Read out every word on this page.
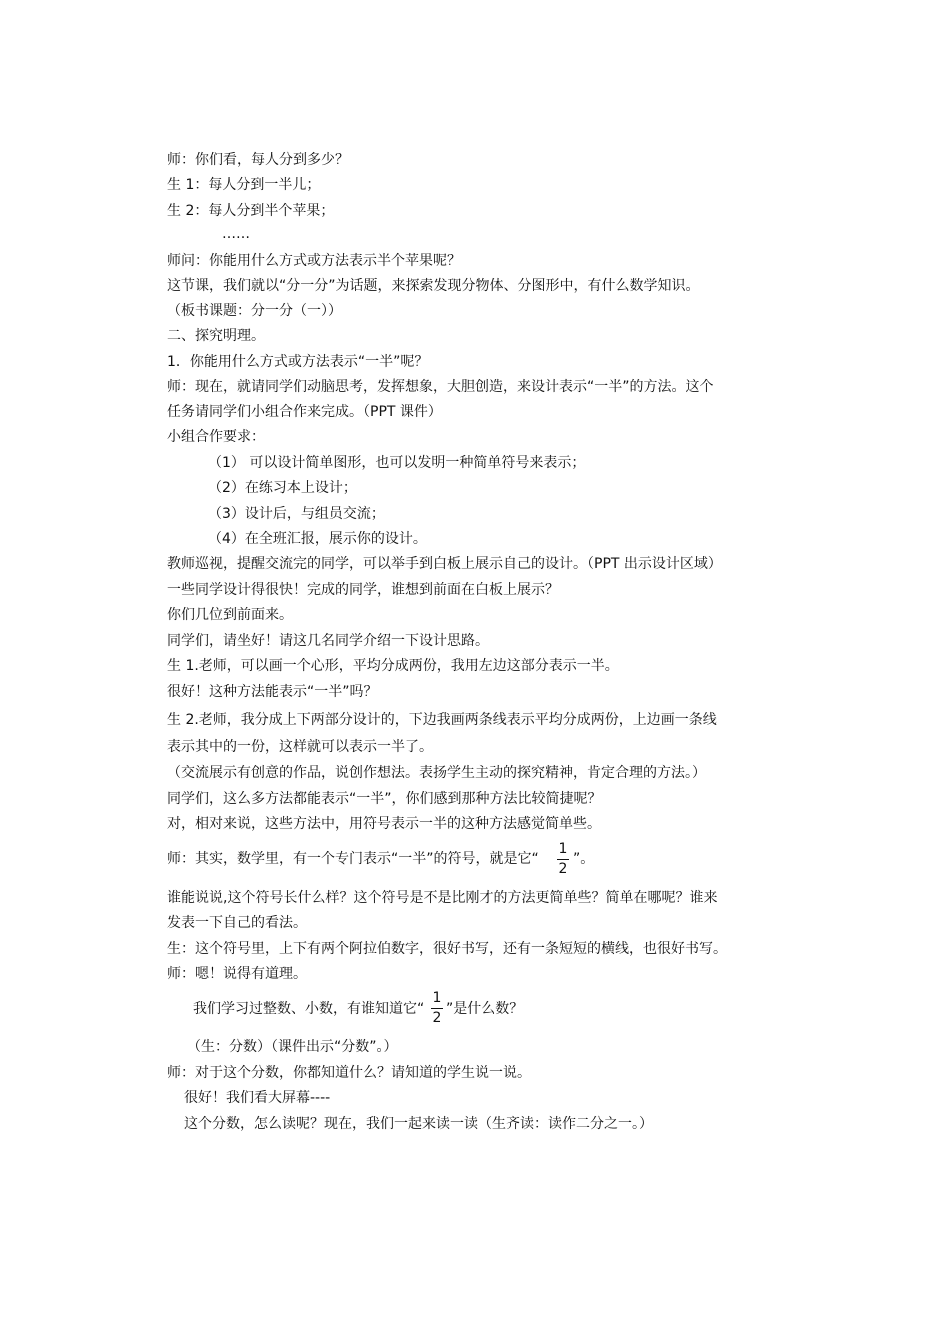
师：你们看，每人分到多少？
生 1：每人分到一半儿；
生 2：每人分到半个苹果；
……
师问：你能用什么方式或方法表示半个苹果呢？
这节课，我们就以“分一分”为话题，来探索发现分物体、分图形中，有什么数学知识。
（板书课题：分一分（一））
二、探究明理。
1．你能用什么方式或方法表示“一半”呢？
师：现在，就请同学们动脑思考，发挥想象，大胆创造，来设计表示“一半”的方法。这个
任务请同学们小组合作来完成。（PPT 课件）
小组合作要求：
（1） 可以设计简单图形，也可以发明一种简单符号来表示；
（2）在练习本上设计；
（3）设计后，与组员交流；
（4）在全班汇报，展示你的设计。
教师巡视，提醒交流完的同学，可以举手到白板上展示自己的设计。（PPT 出示设计区域）
一些同学设计得很快！完成的同学，谁想到前面在白板上展示？
你们几位到前面来。
同学们，请坐好！请这几名同学介绍一下设计思路。
生 1.老师，可以画一个心形，平均分成两份，我用左边这部分表示一半。
很好！这种方法能表示“一半”吗？
生 2.老师，我分成上下两部分设计的，下边我画两条线表示平均分成两份，上边画一条线
表示其中的一份，这样就可以表示一半了。
（交流展示有创意的作品，说创作想法。表扬学生主动的探究精神，肯定合理的方法。）
同学们，这么多方法都能表示“一半”，你们感到那种方法比较简捷呢？
对，相对来说，这些方法中，用符号表示一半的这种方法感觉简单些。
师：其实，数学里，有一个专门表示“一半”的符号，就是它“
1
2
”。
谁能说说,这个符号长什么样？这个符号是不是比刚才的方法更简单些？简单在哪呢？谁来
发表一下自己的看法。
生：这个符号里，上下有两个阿拉伯数字，很好书写，还有一条短短的横线，也很好书写。
师：嗯！说得有道理。
我们学习过整数、小数，有谁知道它“
1
2
”是什么数？
（生：分数）（课件出示“分数”。）
师：对于这个分数，你都知道什么？请知道的学生说一说。
很好！我们看大屏幕----
这个分数，怎么读呢？现在，我们一起来读一读（生齐读：读作二分之一。）
